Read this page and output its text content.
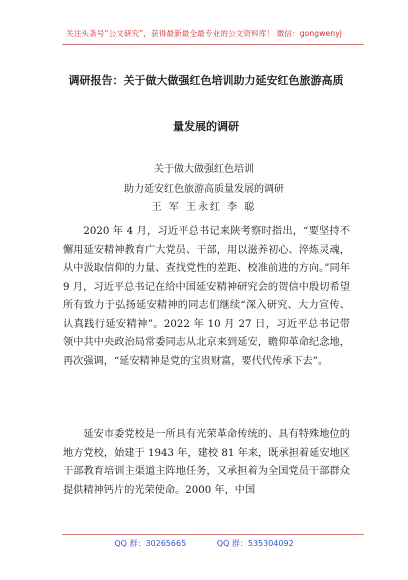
关注头条号“公文研究”，获得最新最全最专业的公文资料库！ 微信：gongwenyj
调研报告：关于做大做强红色培训助力延安红色旅游高质
量发展的调研
关于做大做强红色培训
助力延安红色旅游高质量发展的调研
王 军 王永红 李 聪

2020 年 4 月，习近平总书记来陕考察时指出，“要坚持不懈用延安精神教育广大党员、干部，用以滋养初心、淬炼灵魂，从中汲取信仰的力量、查找党性的差距、校准前进的方向。”同年 9 月，习近平总书记在给中国延安精神研究会的贺信中殷切希望所有致力于弘扬延安精神的同志们继续“深入研究、大力宣传、认真践行延安精神”。2022 年 10 月 27 日，习近平总书记带领中共中央政治局常委同志从北京来到延安，瞻仰革命纪念地，再次强调，“延安精神是党的宝贵财富，要代代传承下去”。

延安市委党校是一所具有光荣革命传统的、具有特殊地位的地方党校，始建于 1943 年，建校 81 年来，既承担着延安地区干部教育培训主渠道主阵地任务，又承担着为全国党员干部群众提供精神钙片的光荣使命。2000 年，中国

QQ 群：30265665	QQ 群：535304092
